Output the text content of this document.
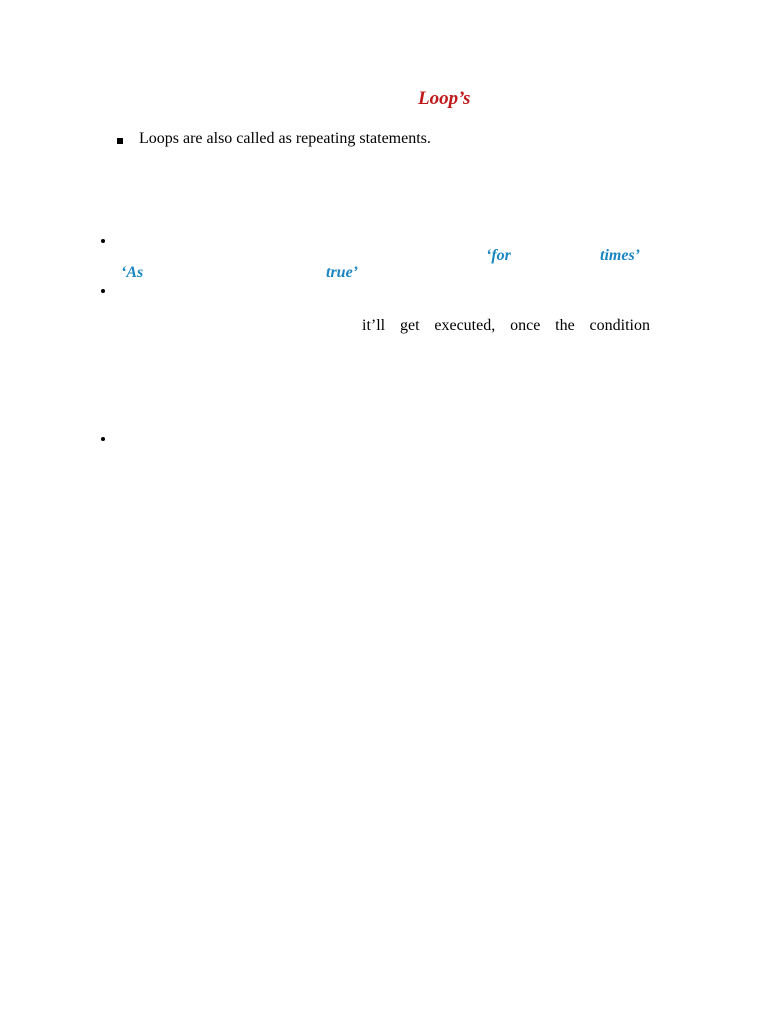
Loop’s
Loops are also called as repeating statements.
‘for	times’
‘As	true’
it’ll get executed, once the condition
